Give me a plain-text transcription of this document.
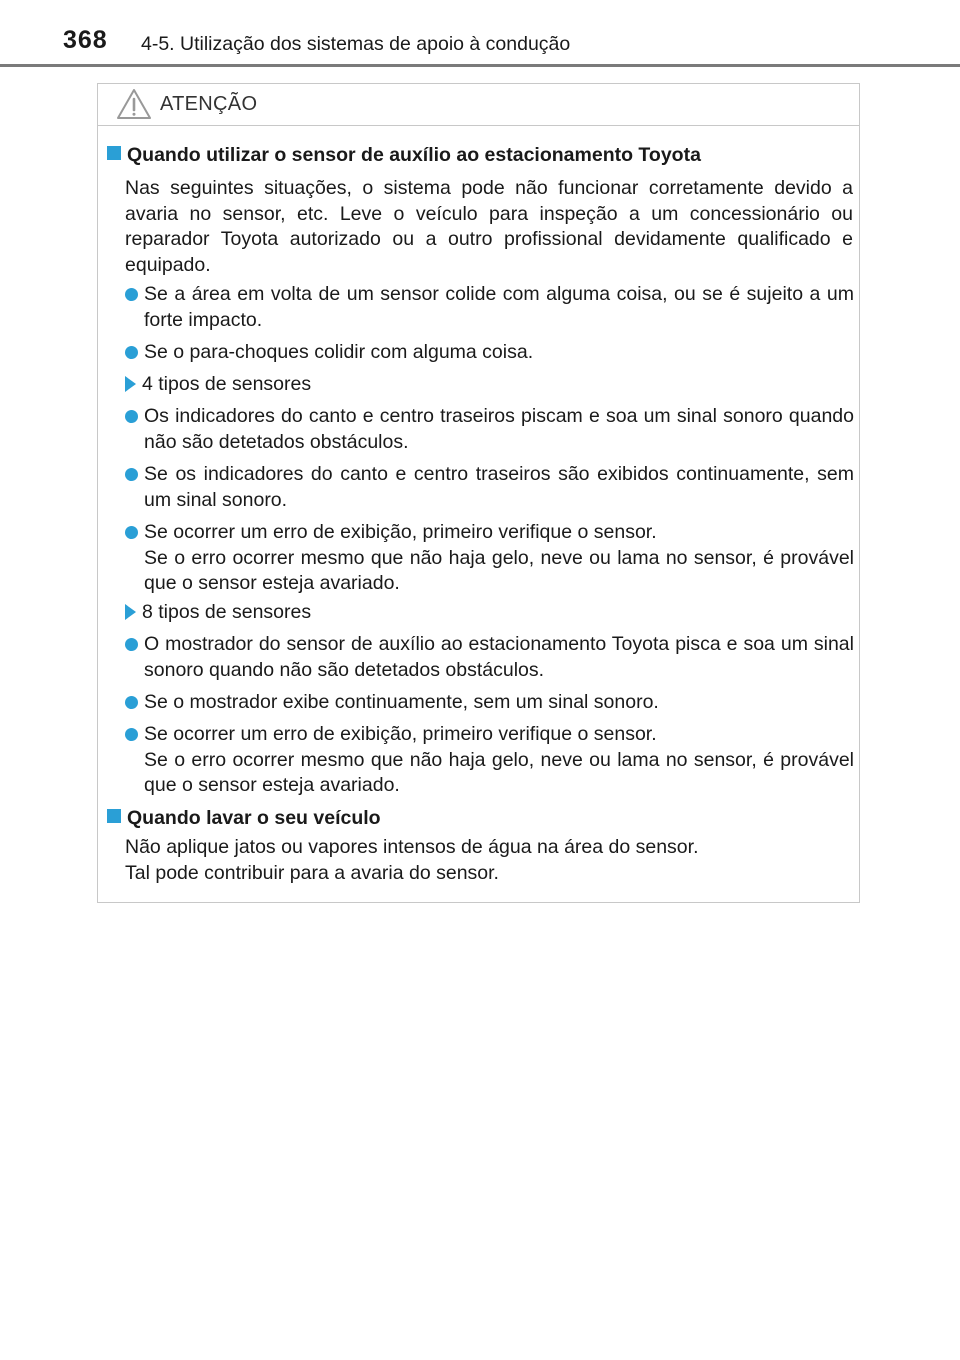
368 4-5. Utilização dos sistemas de apoio à condução
ATENÇÃO
Quando utilizar o sensor de auxílio ao estacionamento Toyota
Nas seguintes situações, o sistema pode não funcionar corretamente devido a avaria no sensor, etc. Leve o veículo para inspeção a um concessionário ou reparador Toyota autorizado ou a outro profissional devidamente qualificado e equipado.
Se a área em volta de um sensor colide com alguma coisa, ou se é sujeito a um forte impacto.
Se o para-choques colidir com alguma coisa.
4 tipos de sensores
Os indicadores do canto e centro traseiros piscam e soa um sinal sonoro quando não são detetados obstáculos.
Se os indicadores do canto e centro traseiros são exibidos continuamente, sem um sinal sonoro.
Se ocorrer um erro de exibição, primeiro verifique o sensor.
Se o erro ocorrer mesmo que não haja gelo, neve ou lama no sensor, é provável que o sensor esteja avariado.
8 tipos de sensores
O mostrador do sensor de auxílio ao estacionamento Toyota pisca e soa um sinal sonoro quando não são detetados obstáculos.
Se o mostrador exibe continuamente, sem um sinal sonoro.
Se ocorrer um erro de exibição, primeiro verifique o sensor.
Se o erro ocorrer mesmo que não haja gelo, neve ou lama no sensor, é provável que o sensor esteja avariado.
Quando lavar o seu veículo
Não aplique jatos ou vapores intensos de água na área do sensor.
Tal pode contribuir para a avaria do sensor.
